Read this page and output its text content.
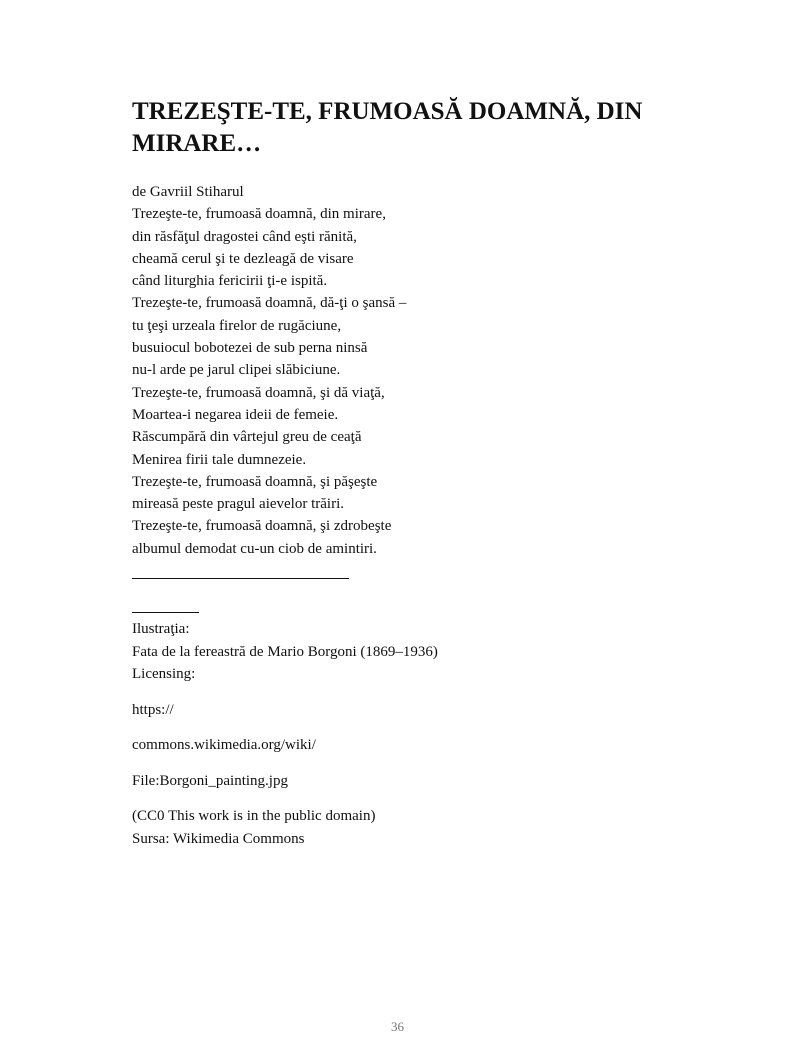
TREZEŞTE-TE, FRUMOASĂ DOAMNĂ, DIN MIRARE…
de Gavriil Stiharul
Trezeşte-te, frumoasă doamnă, din mirare,
din răsfăţul dragostei când eşti rănită,
cheamă cerul şi te dezleagă de visare
când liturghia fericirii ţi-e ispită.
Trezeşte-te, frumoasă doamnă, dă-ţi o şansă –
tu ţeşi urzeala firelor de rugăciune,
busuiocul bobotezei de sub perna ninsă
nu-l arde pe jarul clipei slăbiciune.
Trezeşte-te, frumoasă doamnă, şi dă viaţă,
Moartea-i negarea ideii de femeie.
Răscumpără din vârtejul greu de ceaţă
Menirea firii tale dumnezeie.
Trezeşte-te, frumoasă doamnă, şi păşeşte
mireasă peste pragul aievelor trăiri.
Trezeşte-te, frumoasă doamnă, şi zdrobeşte
albumul demodat cu-un ciob de amintiri.
Ilustraţia:
Fata de la fereastră de Mario Borgoni (1869–1936)
Licensing:
https://
commons.wikimedia.org/wiki/
File:Borgoni_painting.jpg
(CC0 This work is in the public domain)
Sursa: Wikimedia Commons
36
